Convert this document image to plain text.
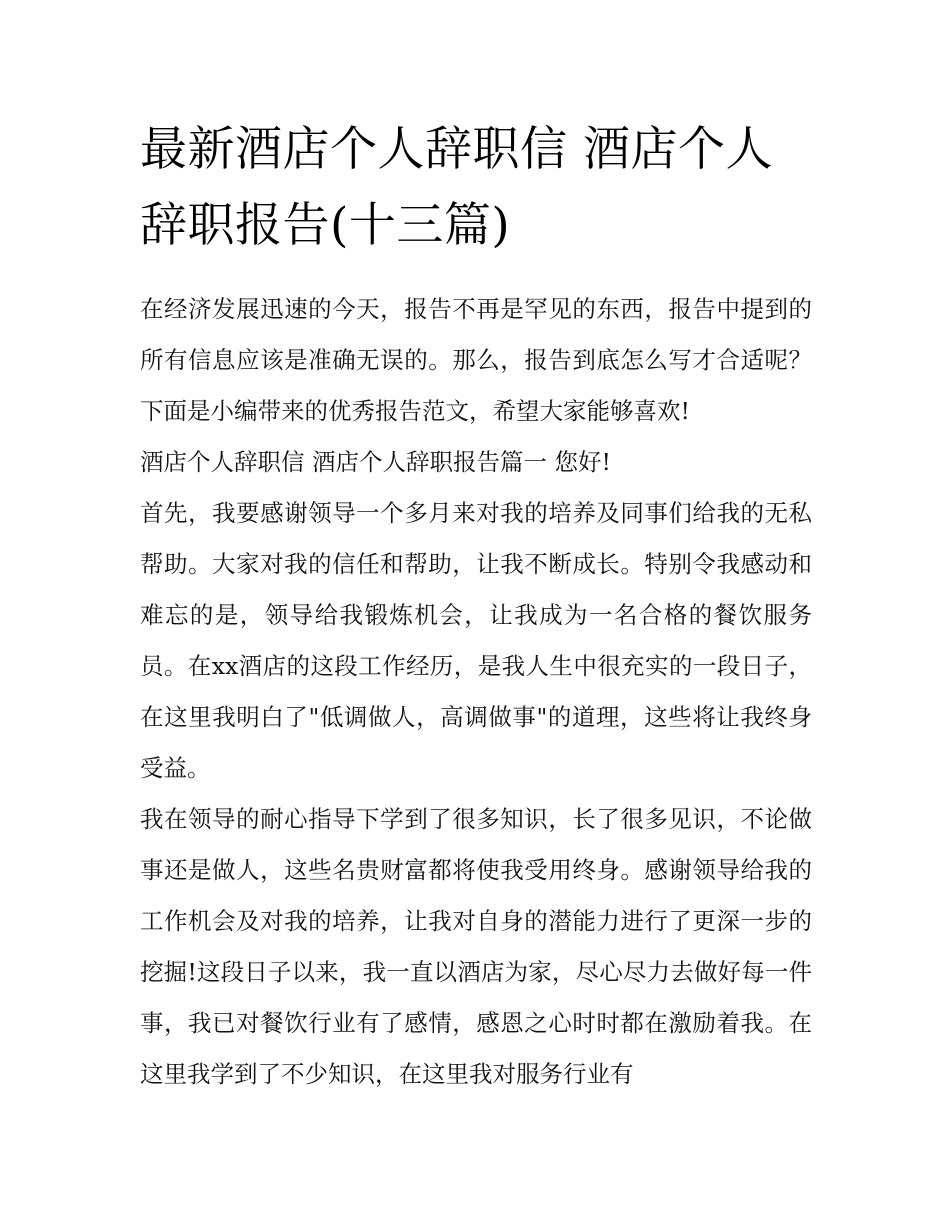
最新酒店个人辞职信 酒店个人
辞职报告(十三篇)

在经济发展迅速的今天，报告不再是罕见的东西，报告中提到的所有信息应该是准确无误的。那么，报告到底怎么写才合适呢？下面是小编带来的优秀报告范文，希望大家能够喜欢!

酒店个人辞职信 酒店个人辞职报告篇一 您好!

首先，我要感谢领导一个多月来对我的培养及同事们给我的无私帮助。大家对我的信任和帮助，让我不断成长。特别令我感动和难忘的是，领导给我锻炼机会，让我成为一名合格的餐饮服务员。在xx酒店的这段工作经历，是我人生中很充实的一段日子，在这里我明白了"低调做人，高调做事"的道理，这些将让我终身受益。

我在领导的耐心指导下学到了很多知识，长了很多见识，不论做事还是做人，这些名贵财富都将使我受用终身。感谢领导给我的工作机会及对我的培养，让我对自身的潜能力进行了更深一步的挖掘!这段日子以来，我一直以酒店为家，尽心尽力去做好每一件事，我已对餐饮行业有了感情，感恩之心时时都在激励着我。在这里我学到了不少知识，在这里我对服务行业有
